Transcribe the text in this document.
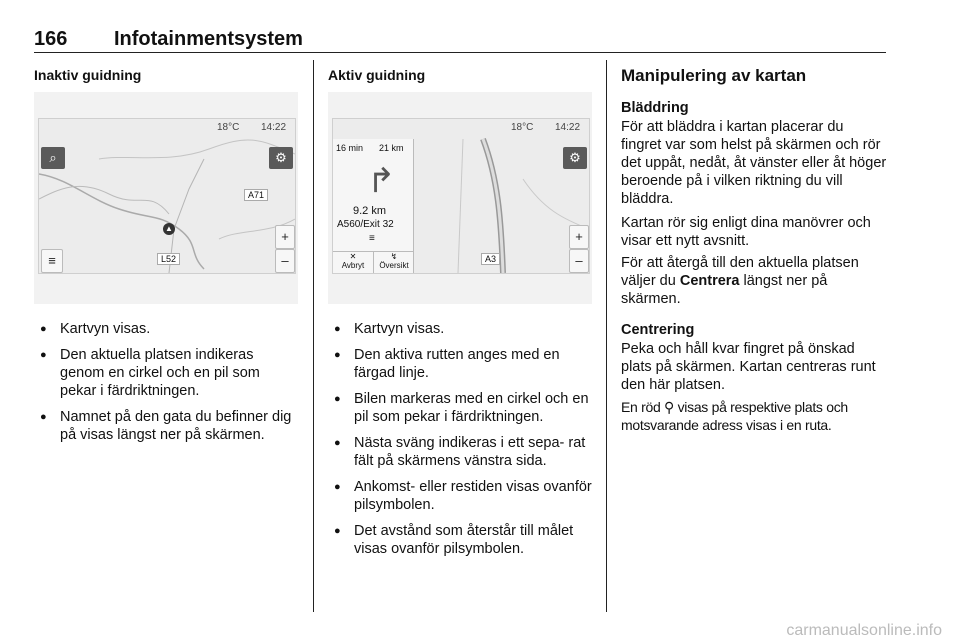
166 Infotainmentsystem
Inaktiv guidning
18°C 14:22
⌕	⚙
A71
▲
+
≡	L52	–
● Kartvyn visas.
● Den aktuella platsen indikeras genom en cirkel och en pil som pekar i färdriktningen.
● Namnet på den gata du befinner dig på visas längst ner på skärmen.
Aktiv guidning
18°C 14:22
16 min 21 km
↱
9.2 km
A560/Exit 32
≡
✕
Avbryt
↯
Översikt
⚙
+
A3	–
● Kartvyn visas.
● Den aktiva rutten anges med en färgad linje.
● Bilen markeras med en cirkel och en pil som pekar i färdriktningen.
● Nästa sväng indikeras i ett sepa- rat fält på skärmens vänstra sida.
● Ankomst- eller restiden visas ovanför pilsymbolen.
● Det avstånd som återstår till målet visas ovanför pilsymbolen.
Manipulering av kartan
Bläddring

För att bläddra i kartan placerar du fingret var som helst på skärmen och rör det uppåt, nedåt, åt vänster eller åt höger beroende på i vilken riktning du vill bläddra.

Kartan rör sig enligt dina manövrer och visar ett nytt avsnitt.

För att återgå till den aktuella platsen väljer du Centrera längst ner på skärmen.

Centrering

Peka och håll kvar fingret på önskad plats på skärmen. Kartan centreras runt den här platsen.

En röd ⚲ visas på respektive plats och motsvarande adress visas i en ruta.

carmanualsonline.info
